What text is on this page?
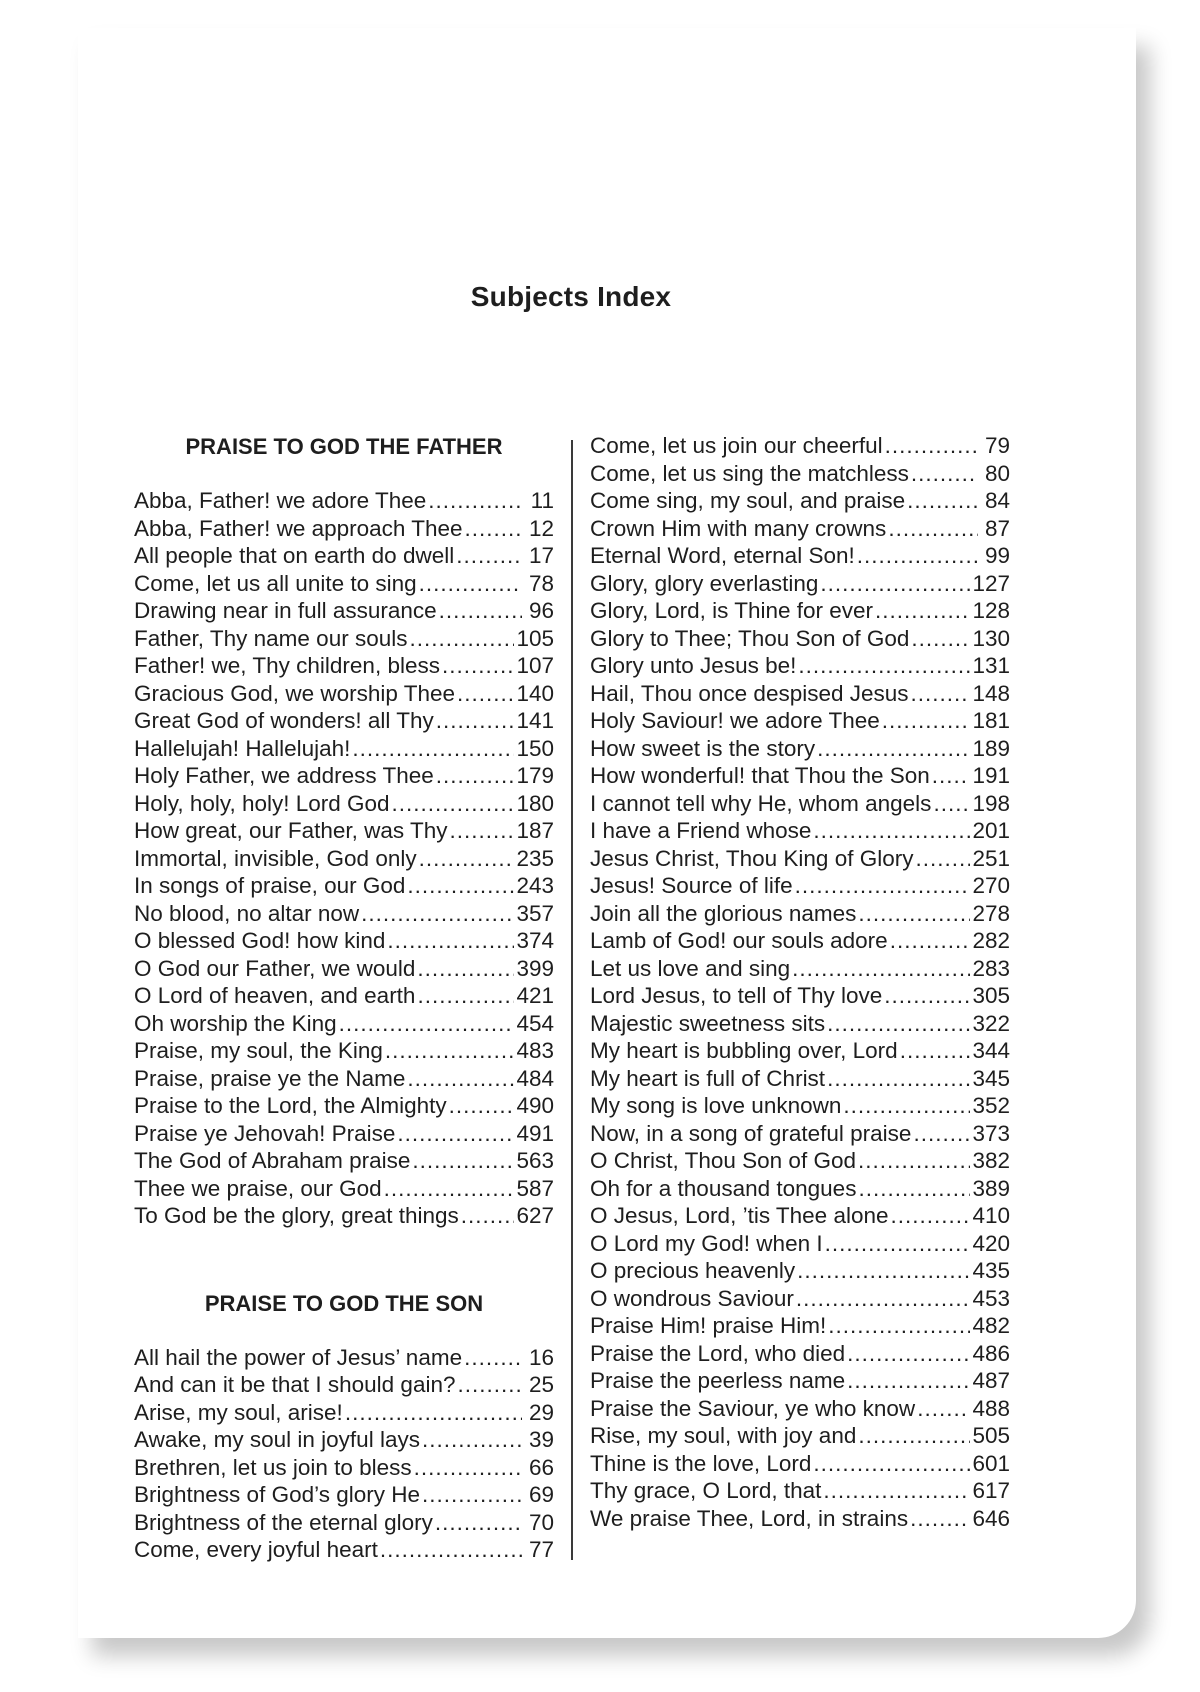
Subjects Index
PRAISE TO GOD THE FATHER
Abba, Father! we adore Thee .....	11
Abba, Father! we approach Thee .....	12
All people that on earth do dwell .....	17
Come, let us all unite to sing .....	78
Drawing near in full assurance .....	96
Father, Thy name our souls .....	105
Father! we, Thy children, bless .....	107
Gracious God, we worship Thee .....	140
Great God of wonders! all Thy .....	141
Hallelujah! Hallelujah! .....	150
Holy Father, we address Thee .....	179
Holy, holy, holy! Lord God .....	180
How great, our Father, was Thy .....	187
Immortal, invisible, God only .....	235
In songs of praise, our God .....	243
No blood, no altar now .....	357
O blessed God! how kind .....	374
O God our Father, we would .....	399
O Lord of heaven, and earth .....	421
Oh worship the King .....	454
Praise, my soul, the King .....	483
Praise, praise ye the Name .....	484
Praise to the Lord, the Almighty .....	490
Praise ye Jehovah! Praise .....	491
The God of Abraham praise .....	563
Thee we praise, our God .....	587
To God be the glory, great things .....	627
PRAISE TO GOD THE SON
All hail the power of Jesus’ name .....	16
And can it be that I should gain? .....	25
Arise, my soul, arise! .....	29
Awake, my soul in joyful lays .....	39
Brethren, let us join to bless .....	66
Brightness of God’s glory He .....	69
Brightness of the eternal glory .....	70
Come, every joyful heart .....	77
Come, let us join our cheerful .....	79
Come, let us sing the matchless .....	80
Come sing, my soul, and praise .....	84
Crown Him with many crowns .....	87
Eternal Word, eternal Son! .....	99
Glory, glory everlasting .....	127
Glory, Lord, is Thine for ever .....	128
Glory to Thee; Thou Son of God .....	130
Glory unto Jesus be! .....	131
Hail, Thou once despised Jesus .....	148
Holy Saviour! we adore Thee .....	181
How sweet is the story .....	189
How wonderful! that Thou the Son ..... 191
I cannot tell why He, whom angels ..... 198
I have a Friend whose .....	201
Jesus Christ, Thou King of Glory .....	251
Jesus! Source of life .....	270
Join all the glorious names .....	278
Lamb of God! our souls adore .....	282
Let us love and sing .....	283
Lord Jesus, to tell of Thy love .....	305
Majestic sweetness sits .....	322
My heart is bubbling over, Lord .....	344
My heart is full of Christ .....	345
My song is love unknown .....	352
Now, in a song of grateful praise .....	373
O Christ, Thou Son of God .....	382
Oh for a thousand tongues .....	389
O Jesus, Lord, ’tis Thee alone .....	410
O Lord my God! when I .....	420
O precious heavenly .....	435
O wondrous Saviour .....	453
Praise Him! praise Him! .....	482
Praise the Lord, who died .....	486
Praise the peerless name .....	487
Praise the Saviour, ye who know .....	488
Rise, my soul, with joy and .....	505
Thine is the love, Lord .....	601
Thy grace, O Lord, that .....	617
We praise Thee, Lord, in strains .....	646
